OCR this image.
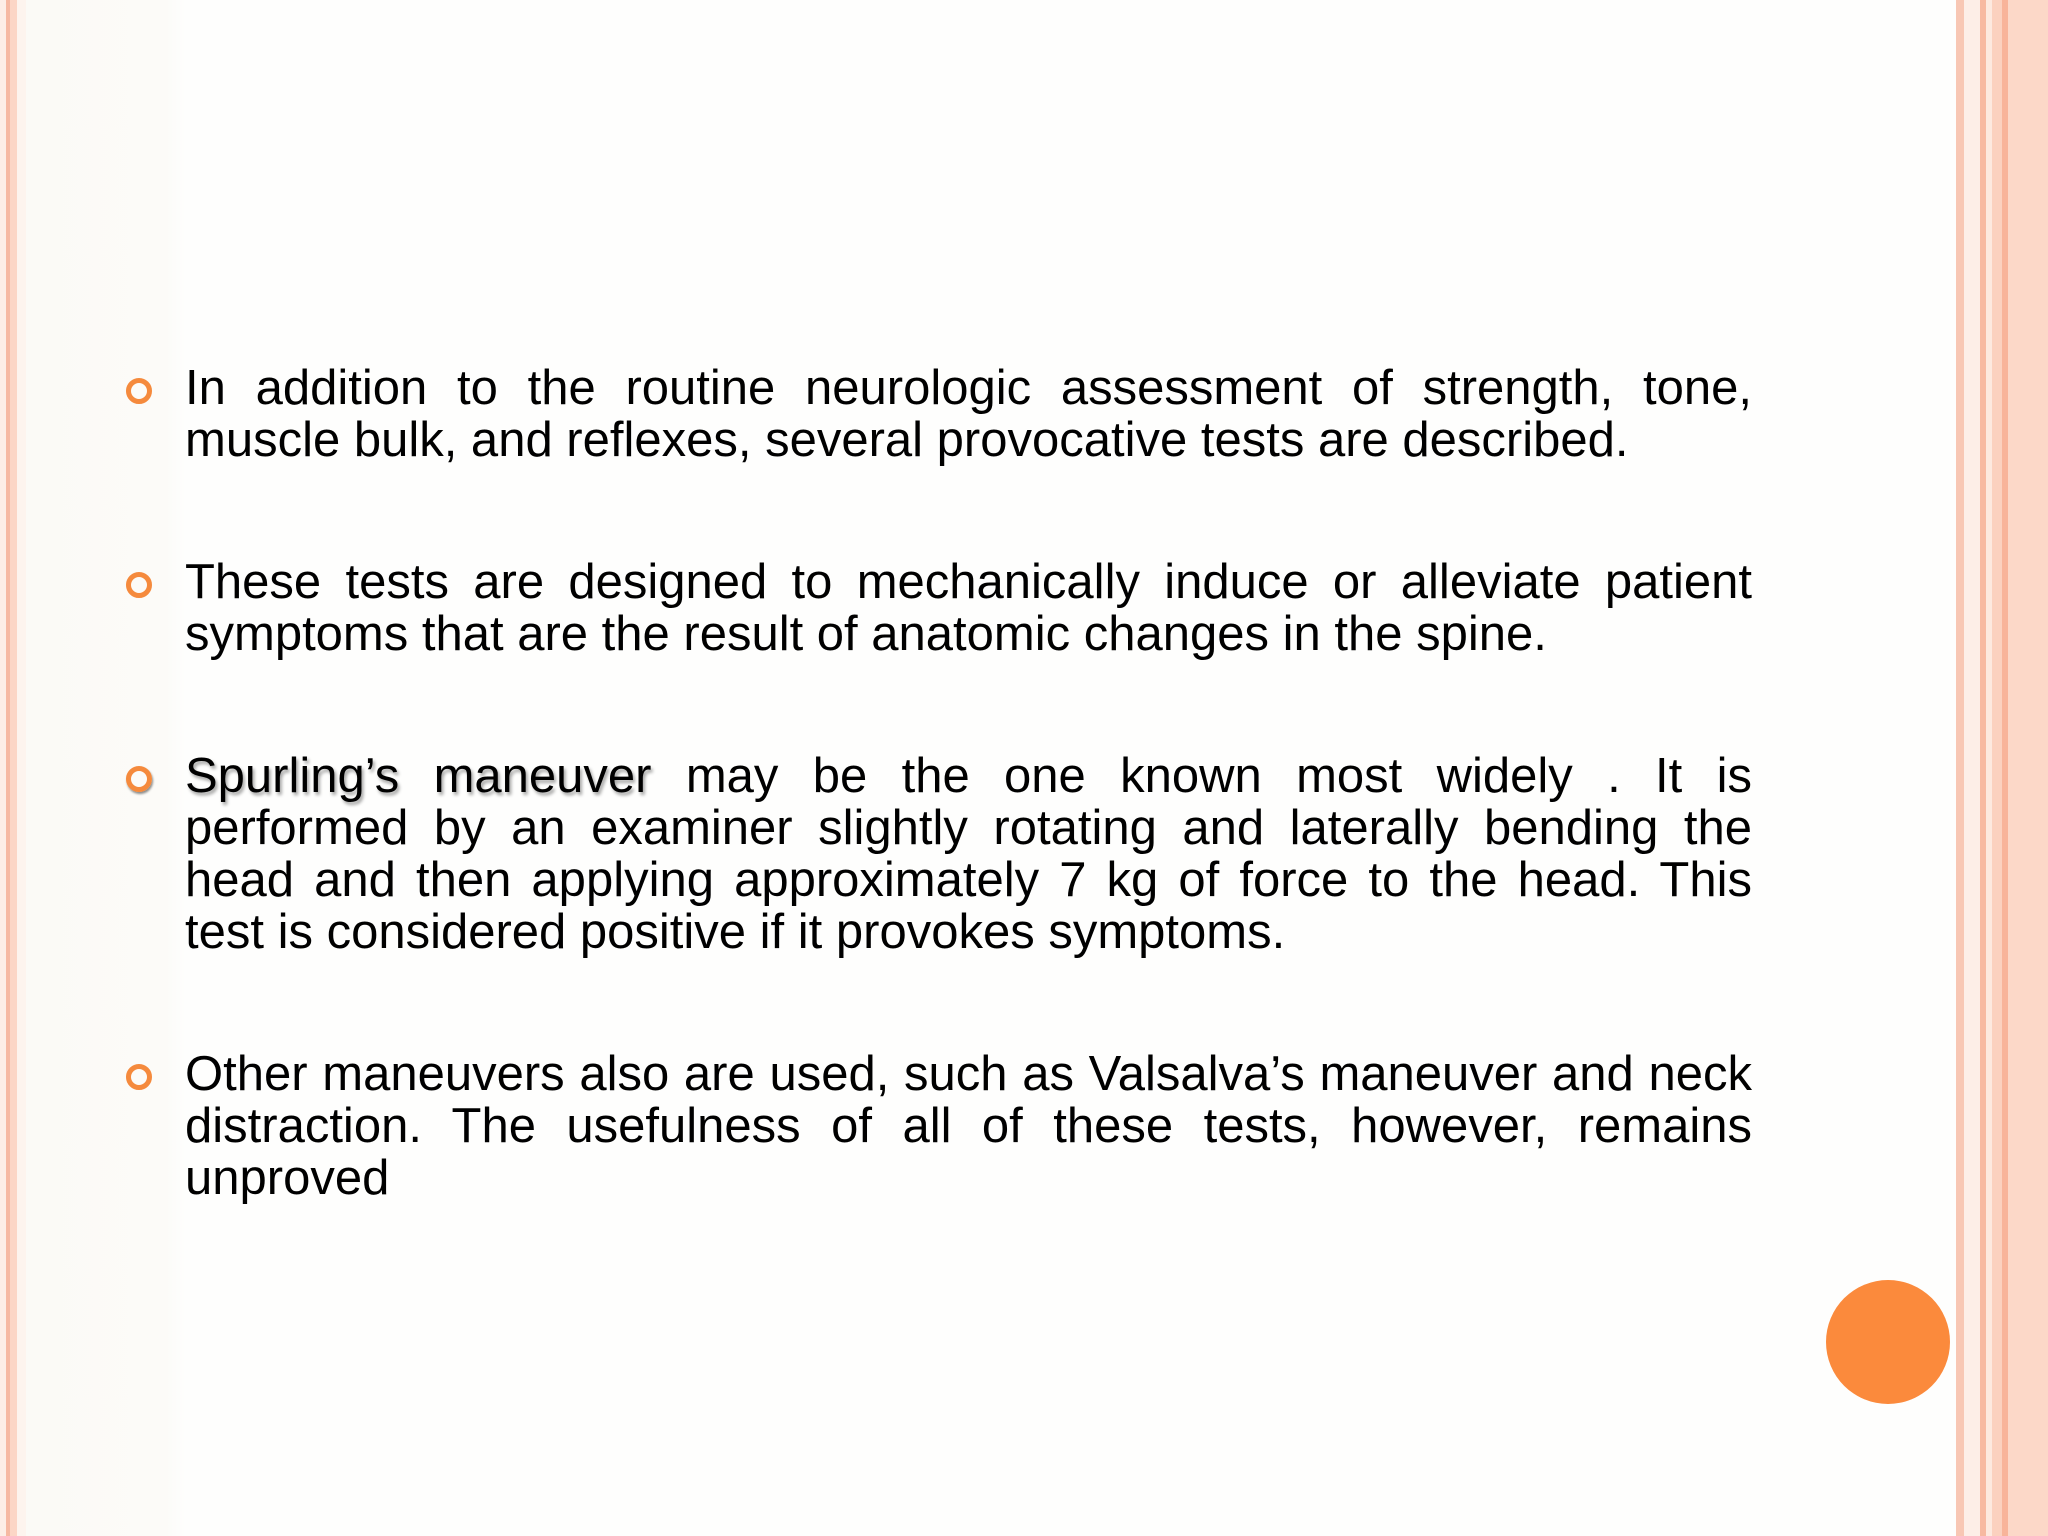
In addition to the routine neurologic assessment of strength, tone, muscle bulk, and reflexes, several provocative tests are described.
These tests are designed to mechanically induce or alleviate patient symptoms that are the result of anatomic changes in the spine.
Spurling’s maneuver may be the one known most widely . It is performed by an examiner slightly rotating and laterally bending the head and then applying approximately 7 kg of force to the head. This test is considered positive if it provokes symptoms.
Other maneuvers also are used, such as Valsalva’s maneuver and neck distraction. The usefulness of all of these tests, however, remains unproved
